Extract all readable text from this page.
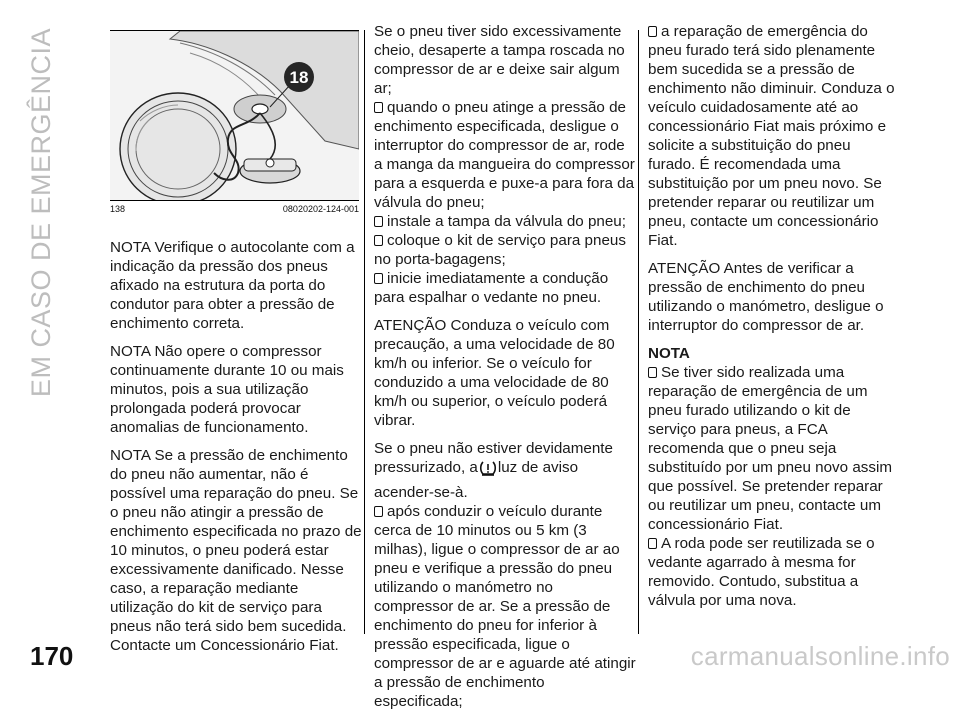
EM CASO DE EMERGÊNCIA	18
138	08020202-124-001

NOTA Verifique o autocolante com a indicação da pressão dos pneus afixado na estrutura da porta do condutor para obter a pressão de enchimento correta.

NOTA Não opere o compressor continuamente durante 10 ou mais minutos, pois a sua utilização prolongada poderá provocar anomalias de funcionamento.

NOTA Se a pressão de enchimento do pneu não aumentar, não é possível uma reparação do pneu. Se o pneu não atingir a pressão de enchimento especificada no prazo de 10 minutos, o pneu poderá estar excessivamente danificado. Nesse caso, a reparação mediante utilização do kit de serviço para pneus não terá sido bem sucedida. Contacte um Concessionário Fiat.

Se o pneu tiver sido excessivamente cheio, desaperte a tampa roscada no compressor de ar e deixe sair algum ar;

quando o pneu atinge a pressão de enchimento especificada, desligue o interruptor do compressor de ar, rode a manga da mangueira do compressor para a esquerda e puxe-a para fora da válvula do pneu;

instale a tampa da válvula do pneu;

coloque o kit de serviço para pneus no porta-bagagens;

inicie imediatamente a condução para espalhar o vedante no pneu.

ATENÇÃO Conduza o veículo com precaução, a uma velocidade de 80 km/h ou inferior. Se o veículo for conduzido a uma velocidade de 80 km/h ou superior, o veículo poderá vibrar.

Se o pneu não estiver devidamente pressurizado, a luz de aviso acender-se-à.

após conduzir o veículo durante cerca de 10 minutos ou 5 km (3 milhas), ligue o compressor de ar ao pneu e verifique a pressão do pneu utilizando o manómetro no compressor de ar. Se a pressão de enchimento do pneu for inferior à pressão especificada, ligue o compressor de ar e aguarde até atingir a pressão de enchimento especificada;

a reparação de emergência do pneu furado terá sido plenamente bem sucedida se a pressão de enchimento não diminuir. Conduza o veículo cuidadosamente até ao concessionário Fiat mais próximo e solicite a substituição do pneu furado. É recomendada uma substituição por um pneu novo. Se pretender reparar ou reutilizar um pneu, contacte um concessionário Fiat.

ATENÇÃO Antes de verificar a pressão de enchimento do pneu utilizando o manómetro, desligue o interruptor do compressor de ar.

NOTA

Se tiver sido realizada uma reparação de emergência de um pneu furado utilizando o kit de serviço para pneus, a FCA recomenda que o pneu seja substituído por um pneu novo assim que possível. Se pretender reparar ou reutilizar um pneu, contacte um concessionário Fiat.

A roda pode ser reutilizada se o vedante agarrado à mesma for removido. Contudo, substitua a válvula por uma nova.

170	carmanualsonline.info
